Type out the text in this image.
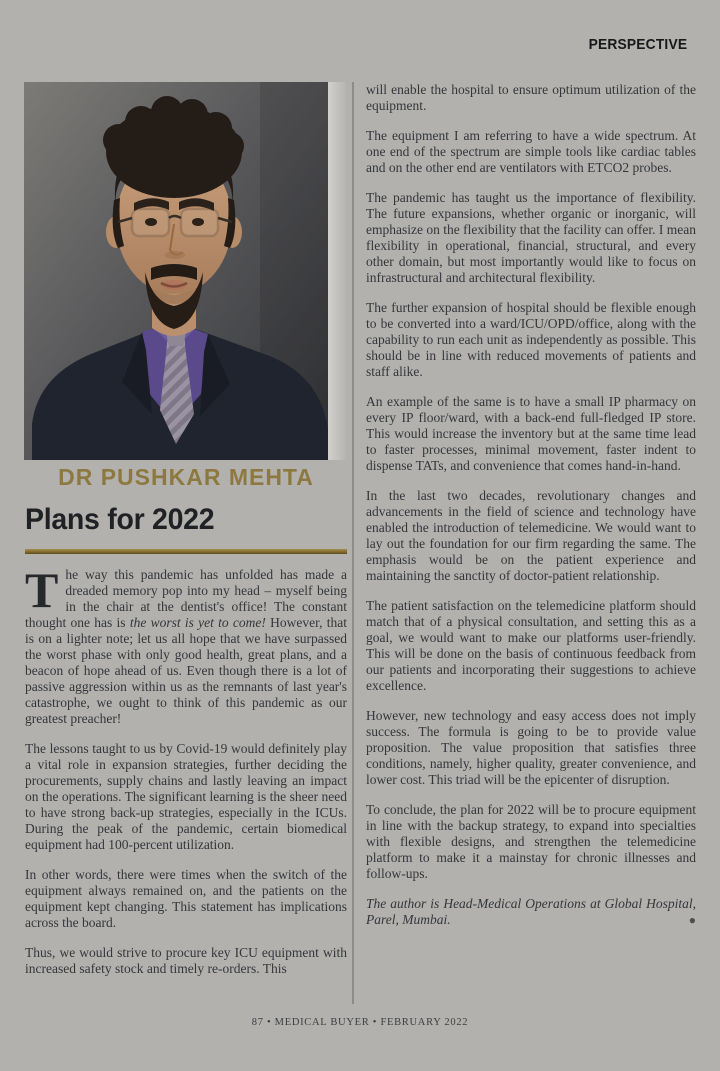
PERSPECTIVE
DR PUSHKAR MEHTA
Plans for 2022

The way this pandemic has unfolded has made a dreaded memory pop into my head – myself being in the chair at the dentist's office! The constant thought one has is the worst is yet to come! However, that is on a lighter note; let us all hope that we have surpassed the worst phase with only good health, great plans, and a beacon of hope ahead of us. Even though there is a lot of passive aggression within us as the remnants of last year's catastrophe, we ought to think of this pandemic as our greatest preacher!

The lessons taught to us by Covid-19 would definitely play a vital role in expansion strategies, further deciding the procurements, supply chains and lastly leaving an impact on the operations. The significant learning is the sheer need to have strong back-up strategies, especially in the ICUs. During the peak of the pandemic, certain biomedical equipment had 100-percent utilization.

In other words, there were times when the switch of the equipment always remained on, and the patients on the equipment kept changing. This statement has implications across the board.

Thus, we would strive to procure key ICU equipment with increased safety stock and timely re-orders. This

will enable the hospital to ensure optimum utilization of the equipment.

The equipment I am referring to have a wide spectrum. At one end of the spectrum are simple tools like cardiac tables and on the other end are ventilators with ETCO2 probes.

The pandemic has taught us the importance of flexibility. The future expansions, whether organic or inorganic, will emphasize on the flexibility that the facility can offer. I mean flexibility in operational, financial, structural, and every other domain, but most importantly would like to focus on infrastructural and architectural flexibility.

The further expansion of hospital should be flexible enough to be converted into a ward/ICU/OPD/office, along with the capability to run each unit as independently as possible. This should be in line with reduced movements of patients and staff alike.

An example of the same is to have a small IP pharmacy on every IP floor/ward, with a back-end full-fledged IP store. This would increase the inventory but at the same time lead to faster processes, minimal movement, faster indent to dispense TATs, and convenience that comes hand-in-hand.

In the last two decades, revolutionary changes and advancements in the field of science and technology have enabled the introduction of telemedicine. We would want to lay out the foundation for our firm regarding the same. The emphasis would be on the patient experience and maintaining the sanctity of doctor-patient relationship.

The patient satisfaction on the telemedicine platform should match that of a physical consultation, and setting this as a goal, we would want to make our platforms user-friendly. This will be done on the basis of continuous feedback from our patients and incorporating their suggestions to achieve excellence.

However, new technology and easy access does not imply success. The formula is going to be to provide value proposition. The value proposition that satisfies three conditions, namely, higher quality, greater convenience, and lower cost. This triad will be the epicenter of disruption.

To conclude, the plan for 2022 will be to procure equipment in line with the backup strategy, to expand into specialties with flexible designs, and strengthen the telemedicine platform to make it a mainstay for chronic illnesses and follow-ups.

The author is Head-Medical Operations at Global Hospital, Parel, Mumbai.	●

87 • MEDICAL BUYER • FEBRUARY 2022
